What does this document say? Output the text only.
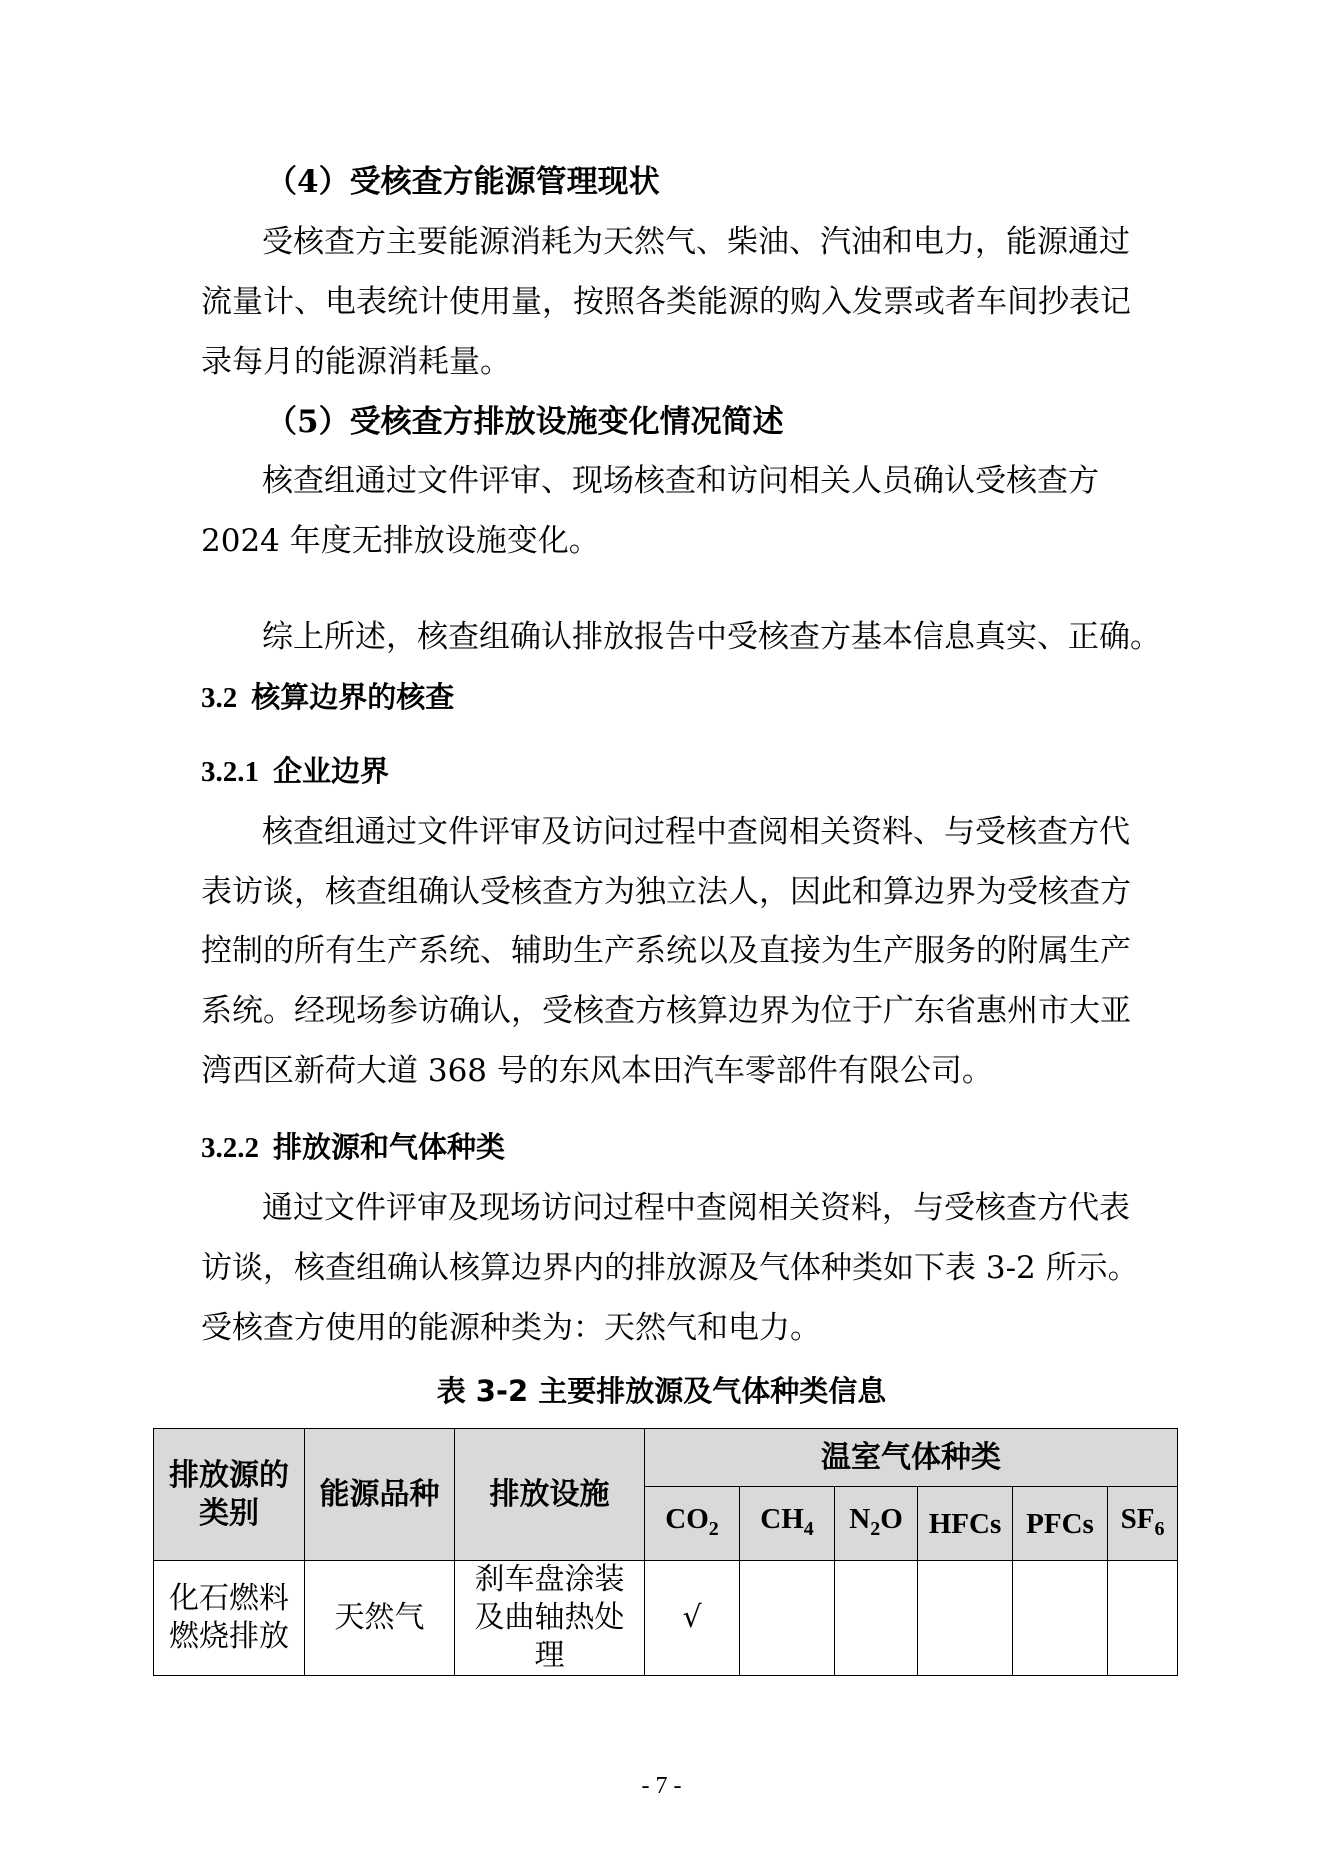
（4）受核查方能源管理现状
受核查方主要能源消耗为天然气、柴油、汽油和电力，能源通过
流量计、电表统计使用量，按照各类能源的购入发票或者车间抄表记
录每月的能源消耗量。
（5）受核查方排放设施变化情况简述
核查组通过文件评审、现场核查和访问相关人员确认受核查方
2024 年度无排放设施变化。
综上所述，核查组确认排放报告中受核查方基本信息真实、正确。
3.2 核算边界的核查
3.2.1 企业边界
核查组通过文件评审及访问过程中查阅相关资料、与受核查方代
表访谈，核查组确认受核查方为独立法人，因此和算边界为受核查方
控制的所有生产系统、辅助生产系统以及直接为生产服务的附属生产
系统。经现场参访确认，受核查方核算边界为位于广东省惠州市大亚
湾西区新荷大道 368 号的东风本田汽车零部件有限公司。
3.2.2 排放源和气体种类
通过文件评审及现场访问过程中查阅相关资料，与受核查方代表
访谈，核查组确认核算边界内的排放源及气体种类如下表 3-2 所示。
受核查方使用的能源种类为：天然气和电力。
表 3-2 主要排放源及气体种类信息
排放源的类别	能源品种	排放设施	温室气体种类					
			$CO_2$	$CH_4$	$N_2O$	HFCs	PFCs	$SF_6$
化石燃料燃烧排放	天然气	刹车盘涂装及曲轴热处理	√					
- 7 -
